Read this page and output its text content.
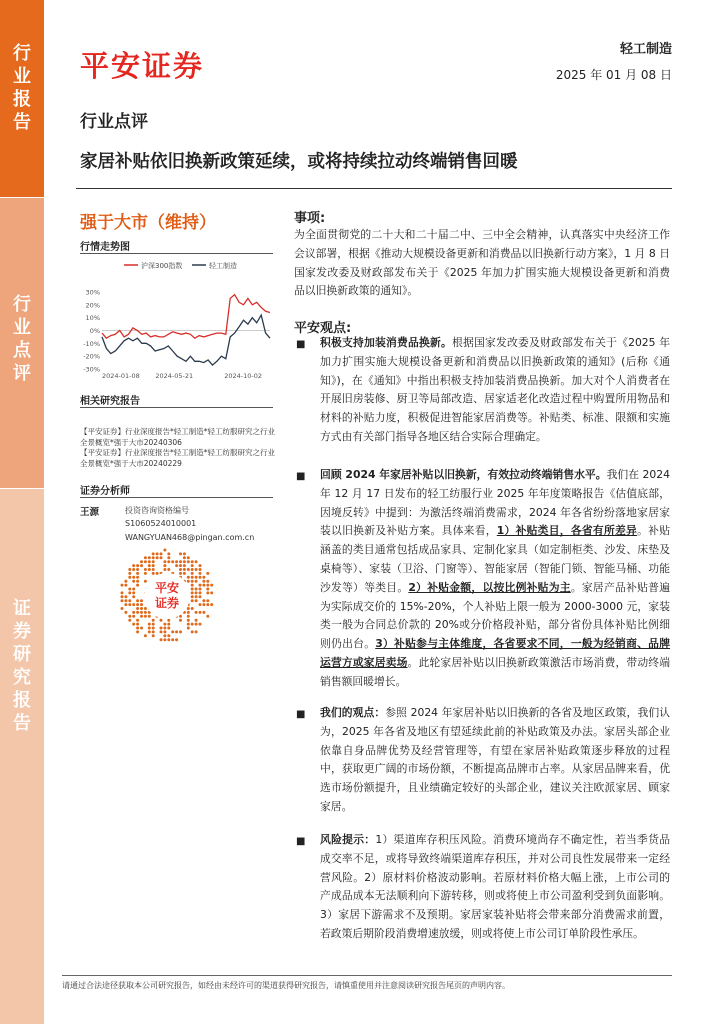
行
业
报
告
行
业
点
评
证
券
研
究
报
告
平安证券	轻工制造
2025 年 01 月 08 日
行业点评
家居补贴依旧换新政策延续，或将持续拉动终端销售回暖
强于大市（维持）
行情走势图
沪深300指数	轻工制造
30%
20%
10%
0%
-10%
-20%
-30%
2024-01-08 2024-05-21	2024-10-02
相关研究报告
【平安证券】行业深度报告*轻工制造*轻工纺服研究之行业全景概览*强于大市20240306
【平安证券】行业深度报告*轻工制造*轻工纺服研究之行业全景概览*强于大市20240229
证券分析师
王源	投资咨询资格编号
S1060524010001
WANGYUAN468@pingan.com.cn
平安
证券
事项:
为全面贯彻党的二十大和二十届二中、三中全会精神，认真落实中央经济工作会议部署，根据《推动大规模设备更新和消费品以旧换新行动方案》，1 月 8 日国家发改委及财政部发布关于《2025 年加力扩围实施大规模设备更新和消费品以旧换新政策的通知》。
平安观点:
■ 积极支持加装消费品换新。根据国家发改委及财政部发布关于《2025 年加力扩围实施大规模设备更新和消费品以旧换新政策的通知》(后称《通知》)，在《通知》中指出积极支持加装消费品换新。加大对个人消费者在开展旧房装修、厨卫等局部改造、居家适老化改造过程中购置所用物品和材料的补贴力度，积极促进智能家居消费等。补贴类、标准、限额和实施方式由有关部门指导各地区结合实际合理确定。
■ 回顾 2024 年家居补贴以旧换新，有效拉动终端销售水平。我们在 2024 年 12 月 17 日发布的轻工纺服行业 2025 年年度策略报告《估值底部，因境反转》中提到：为激活终端消费需求，2024 年各省纷纷落地家居家装以旧换新及补贴方案。具体来看，1）补贴类目，各省有所差异。补贴涵盖的类目通常包括成品家具、定制化家具（如定制柜类、沙发、床垫及桌椅等）、家装（卫浴、门窗等）、智能家居（智能门锁、智能马桶、功能沙发等）等类目。2）补贴金额，以按比例补贴为主。家居产品补贴普遍为实际成交价的 15%-20%，个人补贴上限一般为 2000-3000 元，家装类一般为合同总价款的 20%或分价格段补贴，部分省份具体补贴比例细则仍出台。3）补贴参与主体维度，各省要求不同，一般为经销商、品牌运营方或家居卖场。此轮家居补贴以旧换新政策激活市场消费，带动终端销售额回暖增长。
■ 我们的观点：参照 2024 年家居补贴以旧换新的各省及地区政策，我们认为，2025 年各省及地区有望延续此前的补贴政策及办法。家居头部企业依靠自身品牌优势及经营管理等，有望在家居补贴政策逐步释放的过程中，获取更广阔的市场份额，不断提高品牌市占率。从家居品牌来看，优选市场份额提升，且业绩确定较好的头部企业，建议关注欧派家居、顾家家居。
■ 风险提示：1）渠道库存积压风险。消费环境尚存不确定性，若当季货品成交率不足，或将导致终端渠道库存积压，并对公司良性发展带来一定经营风险。2）原材料价格波动影响。若原材料价格大幅上涨，上市公司的产成品成本无法顺利向下游转移，则或将使上市公司盈利受到负面影响。3）家居下游需求不及预期。家居家装补贴将会带来部分消费需求前置，若政策后期阶段消费增速放缓，则或将使上市公司订单阶段性承压。
请通过合法途径获取本公司研究报告，如经由未经许可的渠道获得研究报告，请慎重使用并注意阅读研究报告尾页的声明内容。
